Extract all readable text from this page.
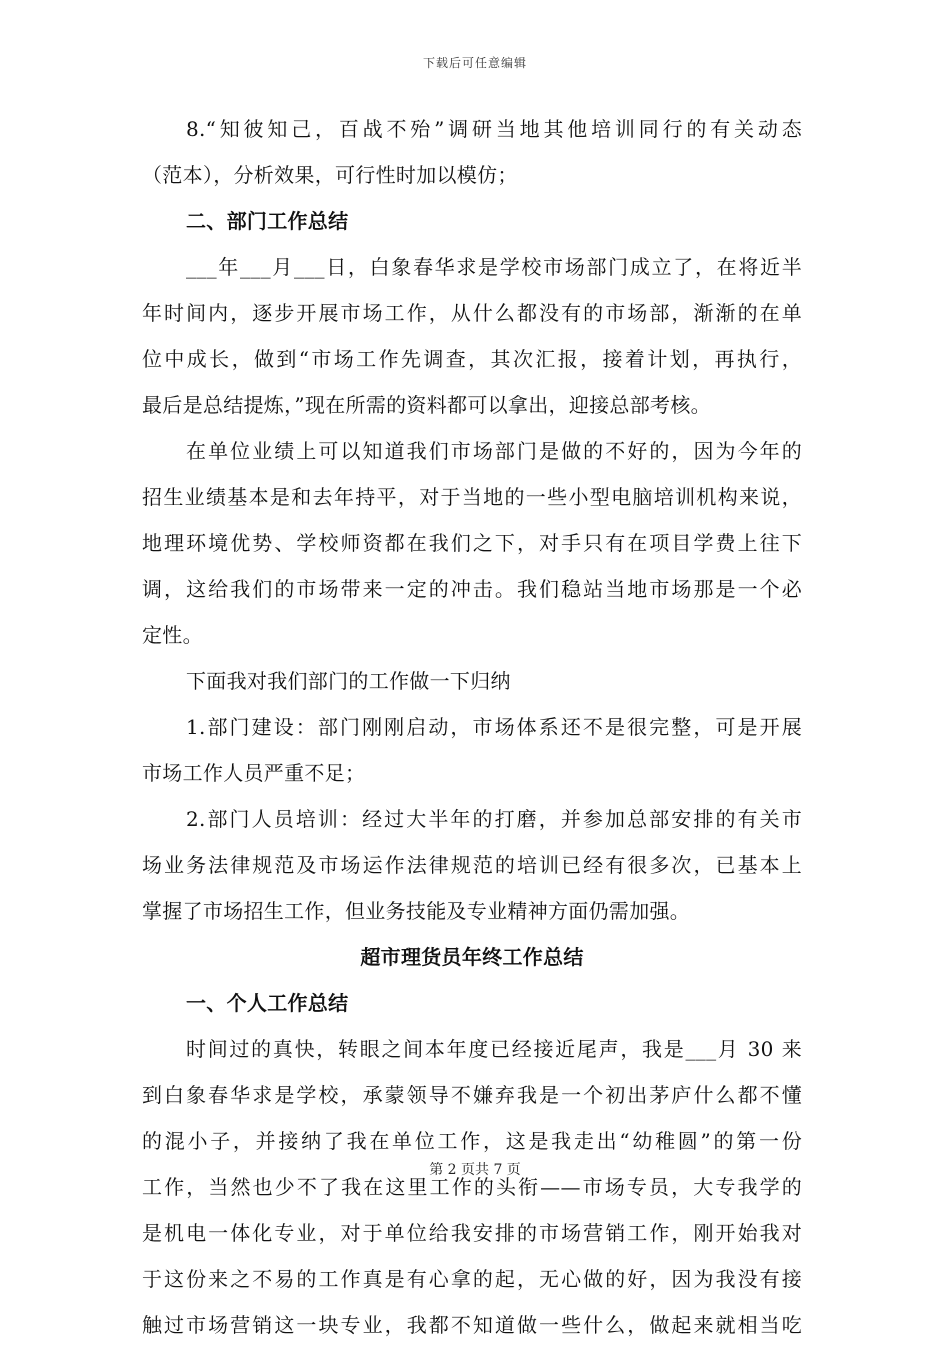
下载后可任意编辑
8.“知彼知己，百战不殆”调研当地其他培训同行的有关动态
（范本），分析效果，可行性时加以模仿；
二、部门工作总结
___年___月___日，白象春华求是学校市场部门成立了，在将近半
年时间内，逐步开展市场工作，从什么都没有的市场部，渐渐的在单
位中成长，做到“市场工作先调查，其次汇报，接着计划，再执行，
最后是总结提炼，”现在所需的资料都可以拿出，迎接总部考核。
在单位业绩上可以知道我们市场部门是做的不好的，因为今年的
招生业绩基本是和去年持平，对于当地的一些小型电脑培训机构来说，
地理环境优势、学校师资都在我们之下，对手只有在项目学费上往下
调，这给我们的市场带来一定的冲击。我们稳站当地市场那是一个必
定性。
下面我对我们部门的工作做一下归纳
1.部门建设：部门刚刚启动，市场体系还不是很完整，可是开展
市场工作人员严重不足；
2.部门人员培训：经过大半年的打磨，并参加总部安排的有关市
场业务法律规范及市场运作法律规范的培训已经有很多次，已基本上
掌握了市场招生工作，但业务技能及专业精神方面仍需加强。
超市理货员年终工作总结
一、个人工作总结
时间过的真快，转眼之间本年度已经接近尾声，我是___月 30 来
到白象春华求是学校，承蒙领导不嫌弃我是一个初出茅庐什么都不懂
的混小子，并接纳了我在单位工作，这是我走出“幼稚圆”的第一份
工作，当然也少不了我在这里工作的头衔——市场专员，大专我学的
是机电一体化专业，对于单位给我安排的市场营销工作，刚开始我对
于这份来之不易的工作真是有心拿的起，无心做的好，因为我没有接
触过市场营销这一块专业，我都不知道做一些什么，做起来就相当吃
第 2 页共 7 页
